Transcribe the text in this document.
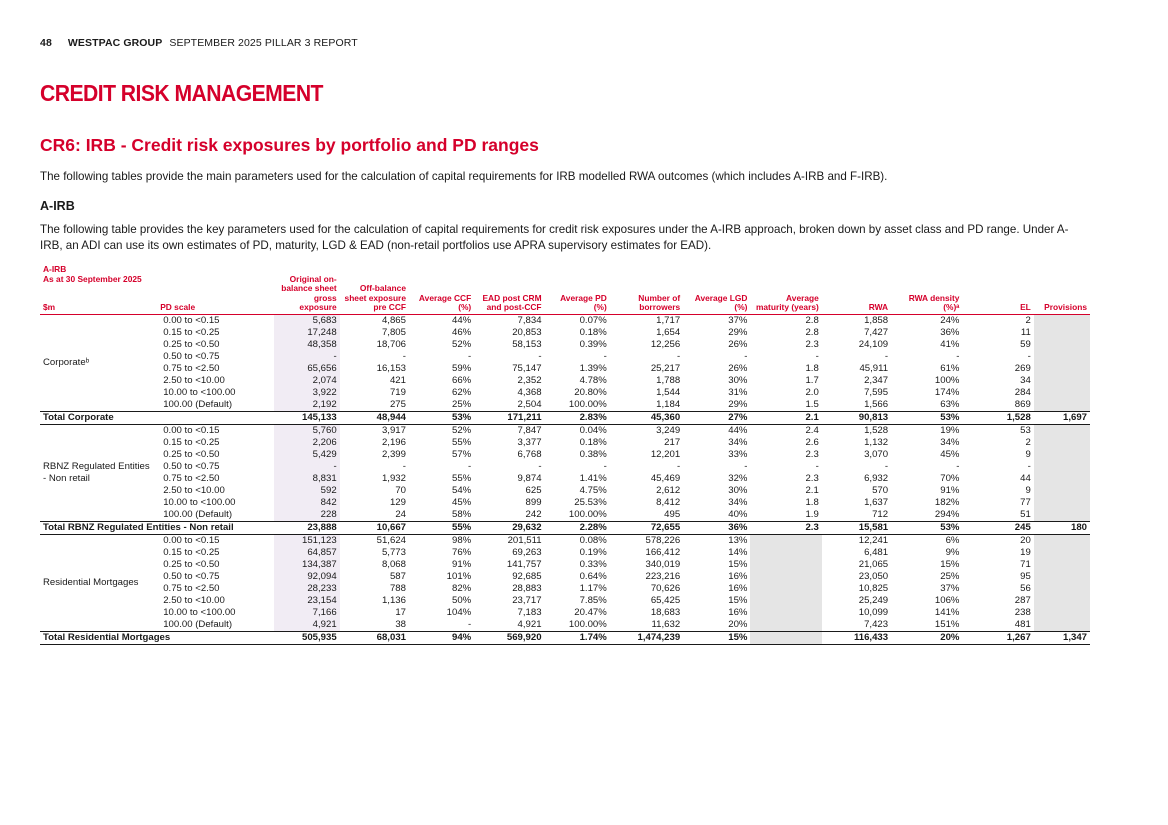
48 WESTPAC GROUP SEPTEMBER 2025 PILLAR 3 REPORT
CREDIT RISK MANAGEMENT
CR6: IRB - Credit risk exposures by portfolio and PD ranges
The following tables provide the main parameters used for the calculation of capital requirements for IRB modelled RWA outcomes (which includes A-IRB and F-IRB).
A-IRB
The following table provides the key parameters used for the calculation of capital requirements for credit risk exposures under the A-IRB approach, broken down by asset class and PD range. Under A-IRB, an ADI can use its own estimates of PD, maturity, LGD & EAD (non-retail portfolios use APRA supervisory estimates for EAD).
A-IRB
As at 30 September 2025

$m	PD scale	Original on-balance sheet gross exposure	Off-balance sheet exposure pre CCF	Average CCF (%)	EAD post CRM and post-CCF	Average PD (%)	Number of borrowers	Average LGD (%)	Average maturity (years)	RWA	RWA density (%)ᵃ	EL	Provisions
Corporateᵇ	0.00 to <0.15	5,683	4,865	44%	7,834	0.07%	1,717	37%	2.8	1,858	24%	2	
	0.15 to <0.25	17,248	7,805	46%	20,853	0.18%	1,654	29%	2.8	7,427	36%	11	
	0.25 to <0.50	48,358	18,706	52%	58,153	0.39%	12,256	26%	2.3	24,109	41%	59	
	0.50 to <0.75	-	-	-	-	-	-	-	-	-	-	-	
	0.75 to <2.50	65,656	16,153	59%	75,147	1.39%	25,217	26%	1.8	45,911	61%	269	
	2.50 to <10.00	2,074	421	66%	2,352	4.78%	1,788	30%	1.7	2,347	100%	34	
	10.00 to <100.00	3,922	719	62%	4,368	20.80%	1,544	31%	2.0	7,595	174%	284	
	100.00 (Default)	2,192	275	25%	2,504	100.00%	1,184	29%	1.5	1,566	63%	869	
Total Corporate		145,133	48,944	53%	171,211	2.83%	45,360	27%	2.1	90,813	53%	1,528	1,697
RBNZ Regulated Entities - Non retail	0.00 to <0.15	5,760	3,917	52%	7,847	0.04%	3,249	44%	2.4	1,528	19%	53	
	0.15 to <0.25	2,206	2,196	55%	3,377	0.18%	217	34%	2.6	1,132	34%	2	
	0.25 to <0.50	5,429	2,399	57%	6,768	0.38%	12,201	33%	2.3	3,070	45%	9	
	0.50 to <0.75	-	-	-	-	-	-	-	-	-	-	-	
	0.75 to <2.50	8,831	1,932	55%	9,874	1.41%	45,469	32%	2.3	6,932	70%	44	
	2.50 to <10.00	592	70	54%	625	4.75%	2,612	30%	2.1	570	91%	9	
	10.00 to <100.00	842	129	45%	899	25.53%	8,412	34%	1.8	1,637	182%	77	
	100.00 (Default)	228	24	58%	242	100.00%	495	40%	1.9	712	294%	51	
Total RBNZ Regulated Entities - Non retail		23,888	10,667	55%	29,632	2.28%	72,655	36%	2.3	15,581	53%	245	180
Residential Mortgages	0.00 to <0.15	151,123	51,624	98%	201,511	0.08%	578,226	13%		12,241	6%	20	
	0.15 to <0.25	64,857	5,773	76%	69,263	0.19%	166,412	14%		6,481	9%	19	
	0.25 to <0.50	134,387	8,068	91%	141,757	0.33%	340,019	15%		21,065	15%	71	
	0.50 to <0.75	92,094	587	101%	92,685	0.64%	223,216	16%		23,050	25%	95	
	0.75 to <2.50	28,233	788	82%	28,883	1.17%	70,626	16%		10,825	37%	56	
	2.50 to <10.00	23,154	1,136	50%	23,717	7.85%	65,425	15%		25,249	106%	287	
	10.00 to <100.00	7,166	17	104%	7,183	20.47%	18,683	16%		10,099	141%	238	
	100.00 (Default)	4,921	38	-	4,921	100.00%	11,632	20%		7,423	151%	481	
Total Residential Mortgages		505,935	68,031	94%	569,920	1.74%	1,474,239	15%		116,433	20%	1,267	1,347
